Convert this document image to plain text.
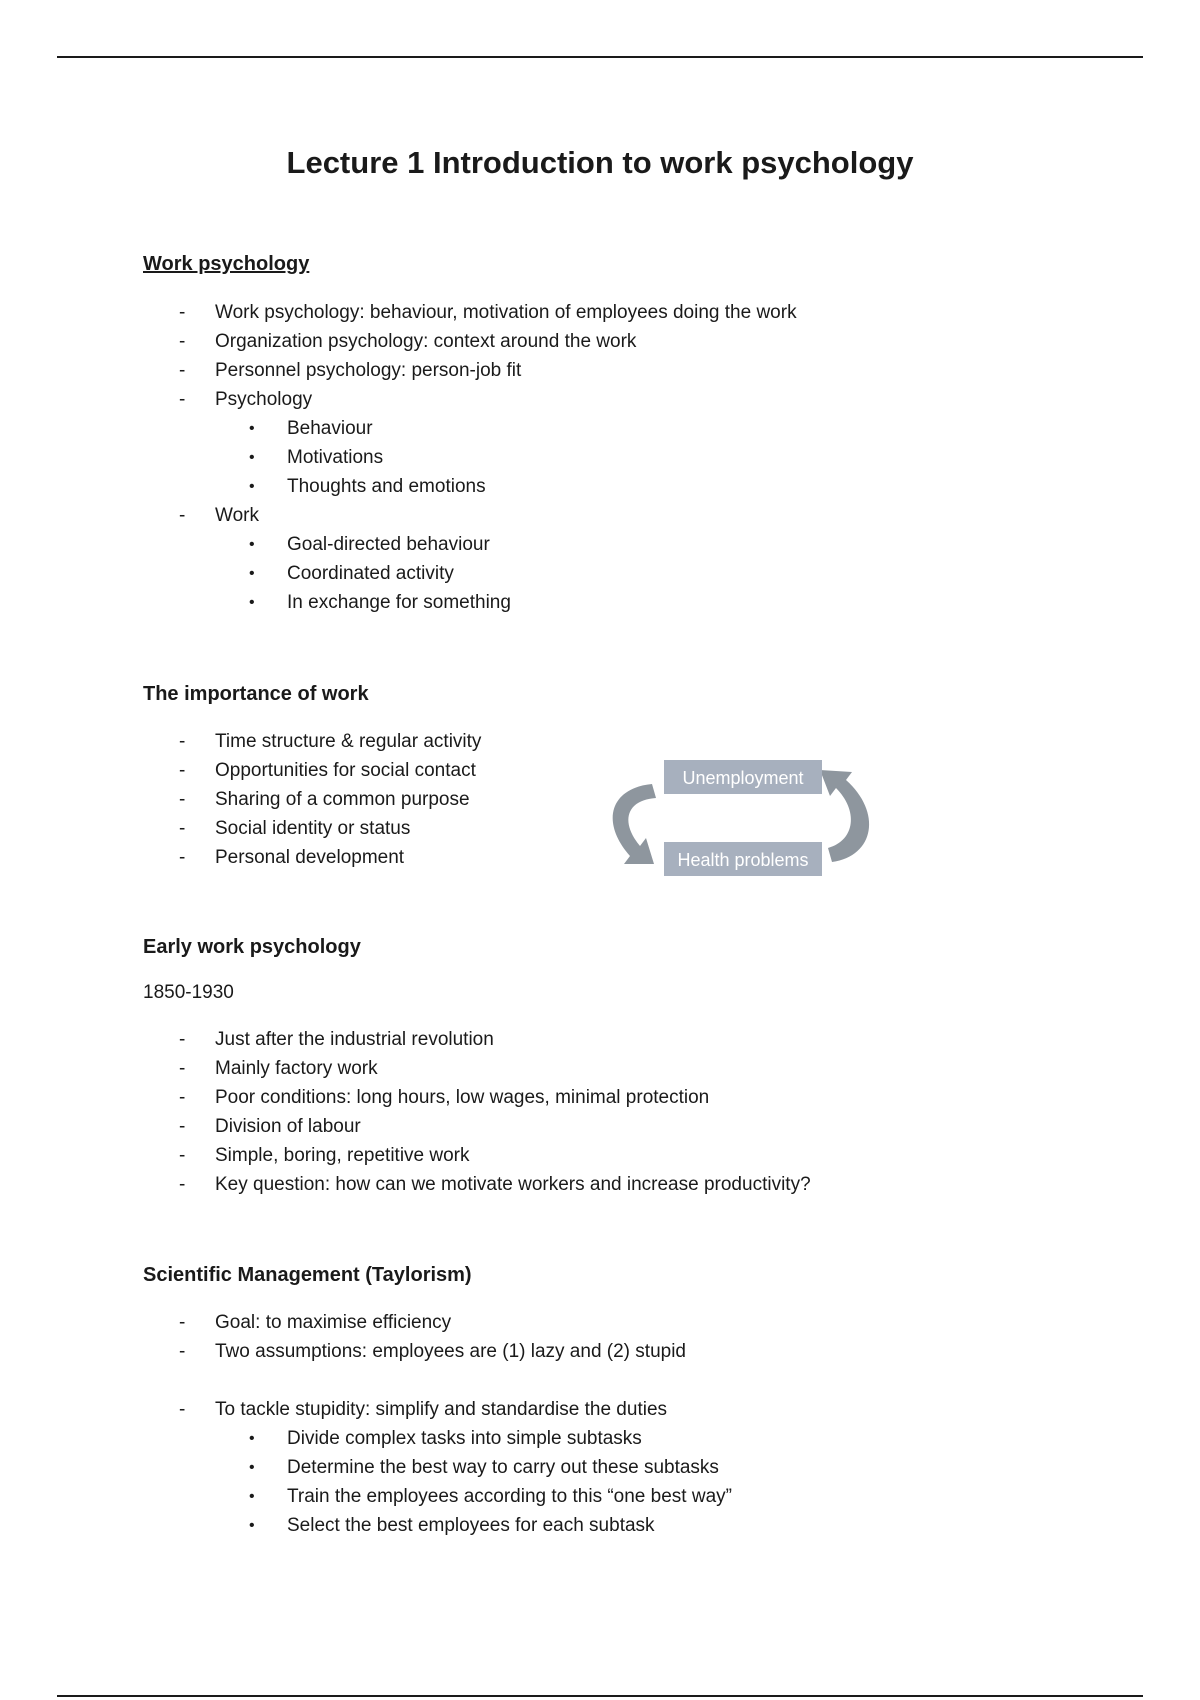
Lecture 1 Introduction to work psychology

Work psychology

- Work psychology: behaviour, motivation of employees doing the work
- Organization psychology: context around the work
- Personnel psychology: person-job fit
- Psychology
• Behaviour
• Motivations
• Thoughts and emotions
- Work
• Goal-directed behaviour
• Coordinated activity
• In exchange for something

The importance of work

- Time structure & regular activity
- Opportunities for social contact
- Sharing of a common purpose
- Social identity or status
- Personal development
Unemployment
Health problems

Early work psychology

1850-1930

- Just after the industrial revolution
- Mainly factory work
- Poor conditions: long hours, low wages, minimal protection
- Division of labour
- Simple, boring, repetitive work
- Key question: how can we motivate workers and increase productivity?

Scientific Management (Taylorism)

- Goal: to maximise efficiency
- Two assumptions: employees are (1) lazy and (2) stupid
- To tackle stupidity: simplify and standardise the duties
• Divide complex tasks into simple subtasks
• Determine the best way to carry out these subtasks
• Train the employees according to this “one best way”
• Select the best employees for each subtask
